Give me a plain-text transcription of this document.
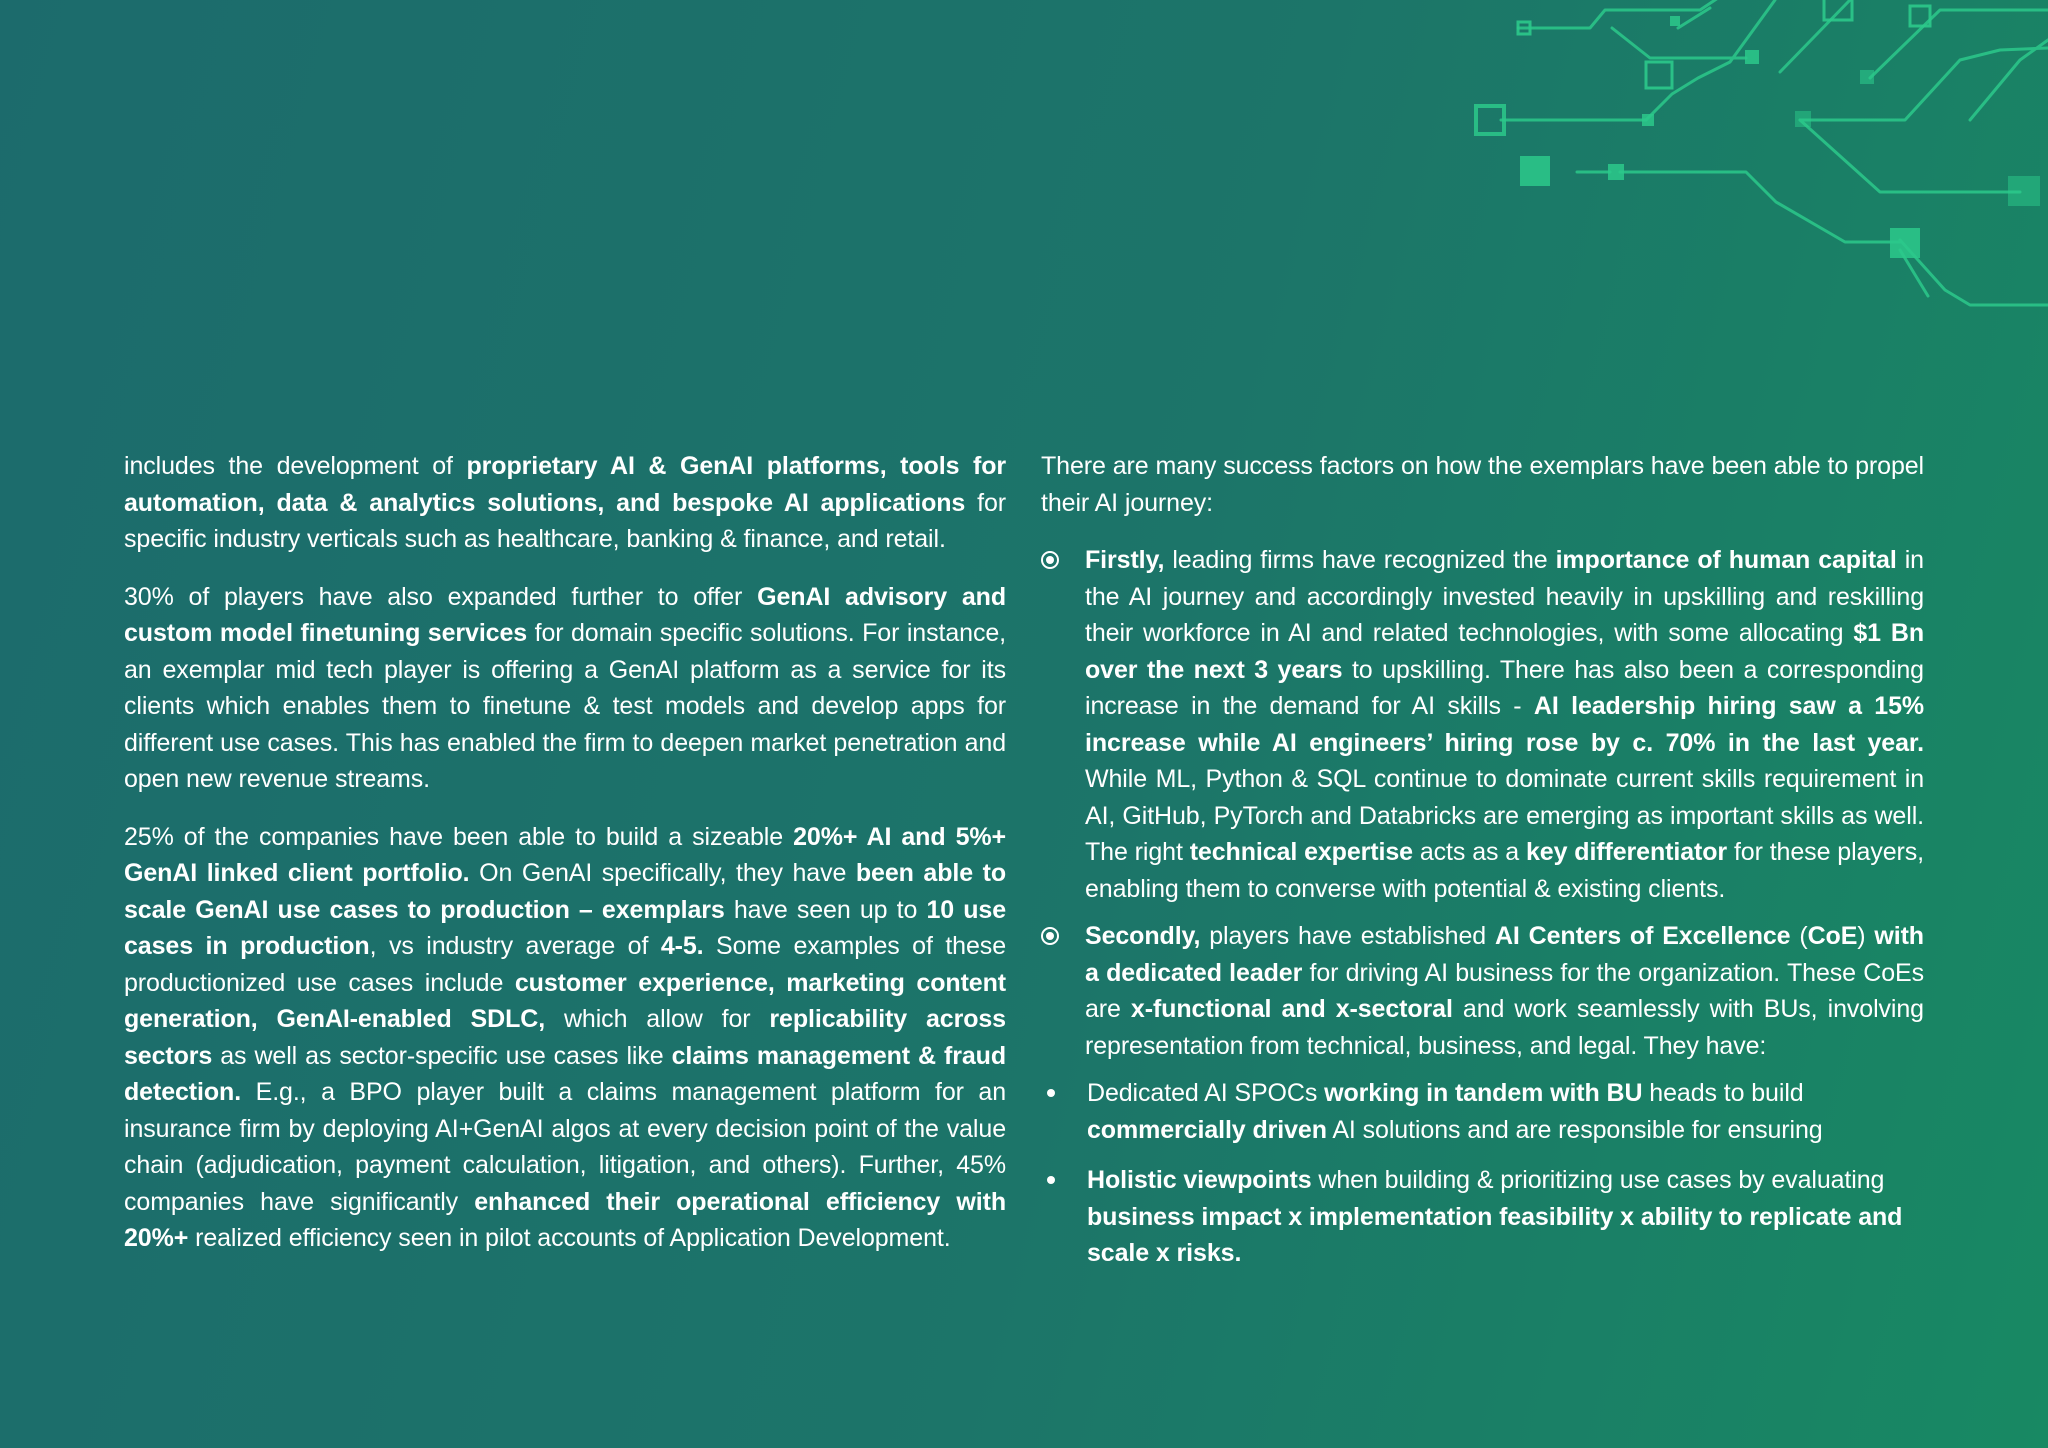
includes the development of proprietary AI & GenAI platforms, tools for automation, data & analytics solutions, and bespoke AI applications for specific industry verticals such as healthcare, banking & finance, and retail.

30% of players have also expanded further to offer GenAI advisory and custom model finetuning services for domain specific solutions. For instance, an exemplar mid tech player is offering a GenAI platform as a service for its clients which enables them to finetune & test models and develop apps for different use cases. This has enabled the firm to deepen market penetration and open new revenue streams.

25% of the companies have been able to build a sizeable 20%+ AI and 5%+ GenAI linked client portfolio. On GenAI specifically, they have been able to scale GenAI use cases to production – exemplars have seen up to 10 use cases in production, vs industry average of 4-5. Some examples of these productionized use cases include customer experience, marketing content generation, GenAI-enabled SDLC, which allow for replicability across sectors as well as sector-specific use cases like claims management & fraud detection. E.g., a BPO player built a claims management platform for an insurance firm by deploying AI+GenAI algos at every decision point of the value chain (adjudication, payment calculation, litigation, and others). Further, 45% companies have significantly enhanced their operational efficiency with 20%+ realized efficiency seen in pilot accounts of Application Development.

There are many success factors on how the exemplars have been able to propel their AI journey:

Firstly, leading firms have recognized the importance of human capital in the AI journey and accordingly invested heavily in upskilling and reskilling their workforce in AI and related technologies, with some allocating $1 Bn over the next 3 years to upskilling. There has also been a corresponding increase in the demand for AI skills - AI leadership hiring saw a 15% increase while AI engineers’ hiring rose by c. 70% in the last year. While ML, Python & SQL continue to dominate current skills requirement in AI, GitHub, PyTorch and Databricks are emerging as important skills as well. The right technical expertise acts as a key differentiator for these players, enabling them to converse with potential & existing clients.

Secondly, players have established AI Centers of Excellence (CoE) with a dedicated leader for driving AI business for the organization. These CoEs are x-functional and x-sectoral and work seamlessly with BUs, involving representation from technical, business, and legal. They have:

Dedicated AI SPOCs working in tandem with BU heads to build commercially driven AI solutions and are responsible for ensuring

Holistic viewpoints when building & prioritizing use cases by evaluating business impact x implementation feasibility x ability to replicate and scale x risks.
